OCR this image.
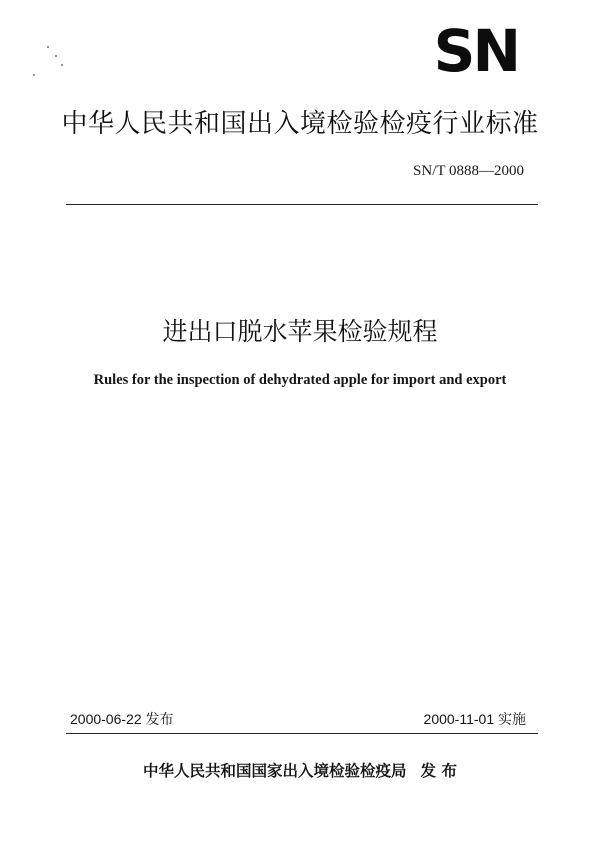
SN
中华人民共和国出入境检验检疫行业标准
SN/T 0888—2000
进出口脱水苹果检验规程
Rules for the inspection of dehydrated apple for import and export
2000-06-22 发布	2000-11-01 实施
中华人民共和国国家出入境检验检疫局 发 布
